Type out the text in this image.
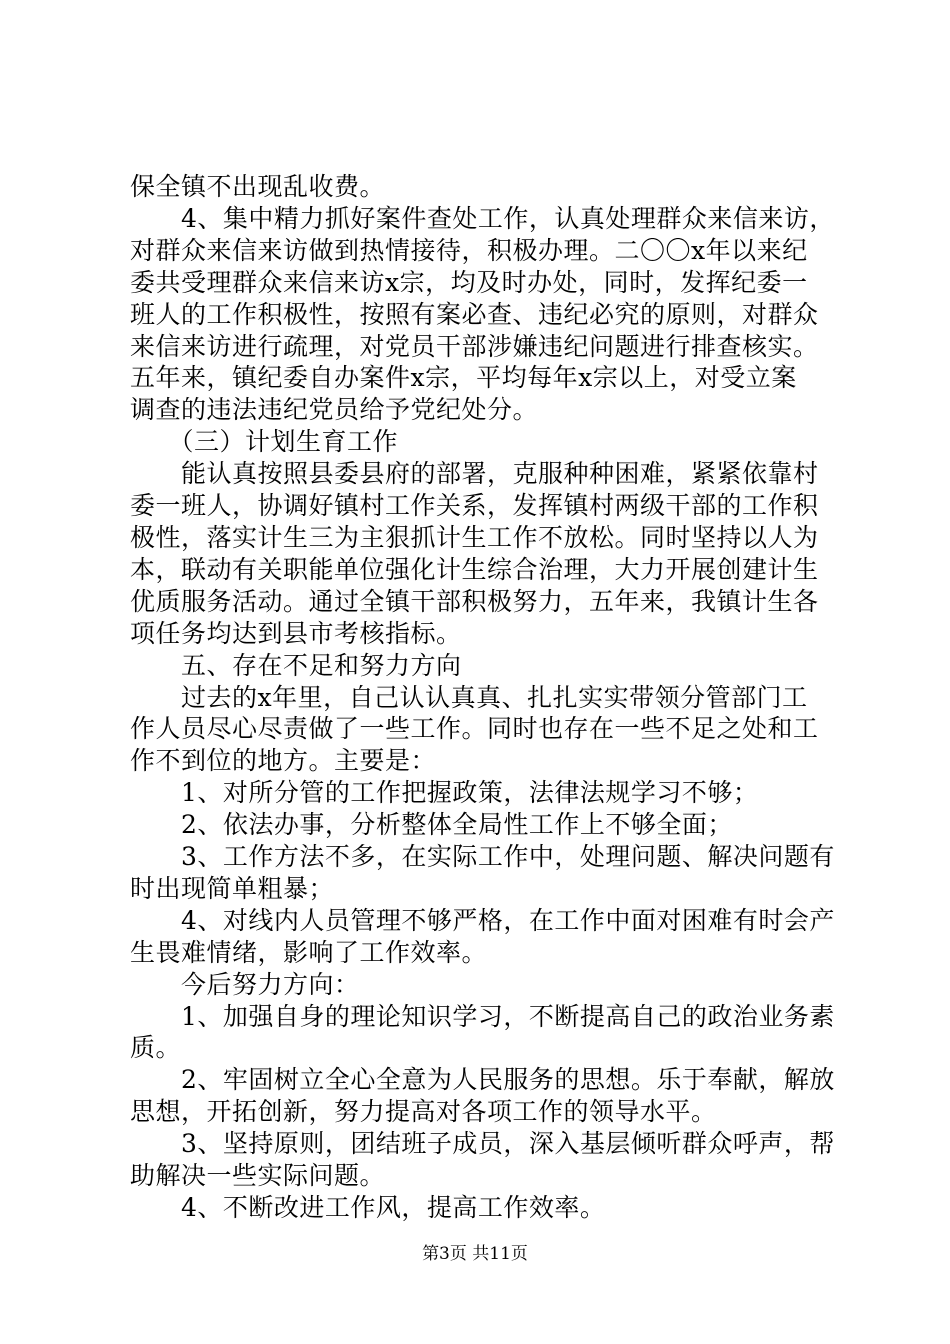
保全镇不出现乱收费。
　　4、集中精力抓好案件查处工作，认真处理群众来信来访，
对群众来信来访做到热情接待，积极办理。二〇〇x年以来纪
委共受理群众来信来访x宗，均及时办处，同时，发挥纪委一
班人的工作积极性，按照有案必查、违纪必究的原则，对群众
来信来访进行疏理，对党员干部涉嫌违纪问题进行排查核实。
五年来，镇纪委自办案件x宗，平均每年x宗以上，对受立案
调查的违法违纪党员给予党纪处分。
　　（三）计划生育工作
　　能认真按照县委县府的部署，克服种种困难，紧紧依靠村
委一班人，协调好镇村工作关系，发挥镇村两级干部的工作积
极性，落实计生三为主狠抓计生工作不放松。同时坚持以人为
本，联动有关职能单位强化计生综合治理，大力开展创建计生
优质服务活动。通过全镇干部积极努力，五年来，我镇计生各
项任务均达到县市考核指标。
　　五、存在不足和努力方向
　　过去的x年里，自己认认真真、扎扎实实带领分管部门工
作人员尽心尽责做了一些工作。同时也存在一些不足之处和工
作不到位的地方。主要是：
　　1、对所分管的工作把握政策，法律法规学习不够；
　　2、依法办事，分析整体全局性工作上不够全面；
　　3、工作方法不多，在实际工作中，处理问题、解决问题有
时出现简单粗暴；
　　4、对线内人员管理不够严格，在工作中面对困难有时会产
生畏难情绪，影响了工作效率。
　　今后努力方向：
　　1、加强自身的理论知识学习，不断提高自己的政治业务素
质。
　　2、牢固树立全心全意为人民服务的思想。乐于奉献，解放
思想，开拓创新，努力提高对各项工作的领导水平。
　　3、坚持原则，团结班子成员，深入基层倾听群众呼声，帮
助解决一些实际问题。
　　4、不断改进工作风，提高工作效率。
第3页 共11页
